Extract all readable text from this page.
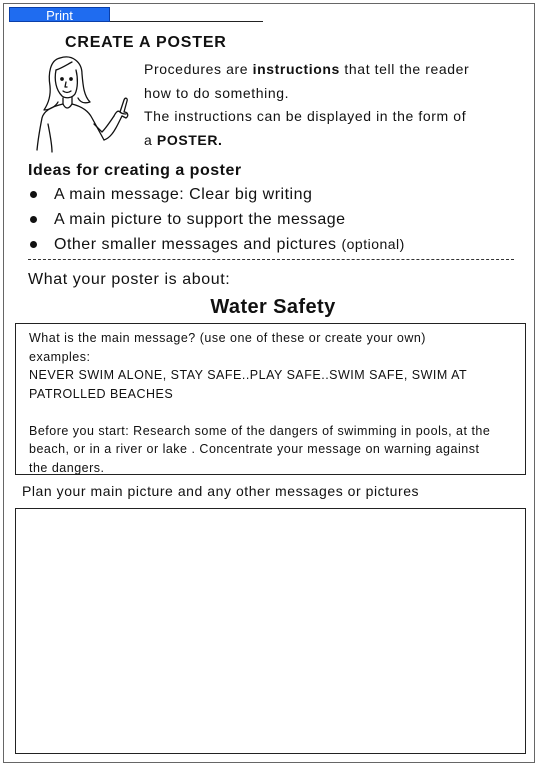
Print
CREATE A POSTER

Procedures are instructions that tell the reader

how to do something.

The instructions can be displayed in the form of

a POSTER.

Ideas for creating a poster
A main message: Clear big writing
A main picture to support the message
Other smaller messages and pictures (optional)
What your poster is about:
Water Safety

What is the main message? (use one of these or create your own)

examples:

NEVER SWIM ALONE, STAY SAFE..PLAY SAFE..SWIM SAFE, SWIM AT

PATROLLED BEACHES

Before you start: Research some of the dangers of swimming in pools, at the

beach, or in a river or lake . Concentrate your message on warning against

the dangers.

Plan your main picture and any other messages or pictures
